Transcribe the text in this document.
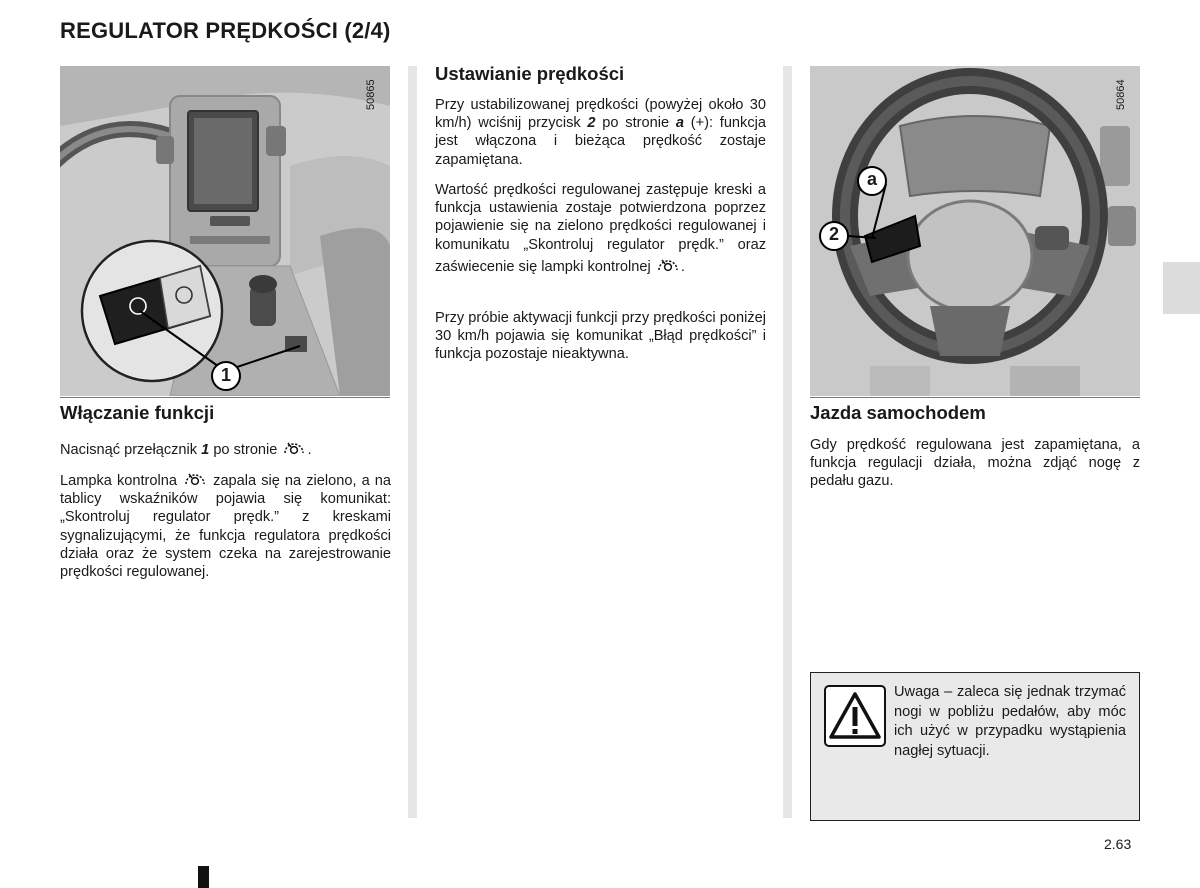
REGULATOR PRĘDKOŚCI (2/4)
1
50865
a
2
50864
Włączanie funkcji

Nacisnąć przełącznik 1 po stronie .

Lampka kontrolna zapala się na zielono, a na tablicy wskaźników pojawia się komunikat: „Skontroluj regulator prędk.” z kreskami sygnalizującymi, że funkcja regulatora prędkości działa oraz że system czeka na zarejestrowanie prędkości regulowanej.

Ustawianie prędkości

Przy ustabilizowanej prędkości (powyżej około 30 km/h) wciśnij przycisk 2 po stronie a (+): funkcja jest włączona i bieżąca prędkość zostaje zapamiętana.

Wartość prędkości regulowanej zastępuje kreski a funkcja ustawienia zostaje potwierdzona poprzez pojawienie się na zielono prędkości regulowanej i komunikatu „Skontroluj regulator prędk.” oraz zaświecenie się lampki kontrolnej .

Przy próbie aktywacji funkcji przy prędkości poniżej 30 km/h pojawia się komunikat „Błąd prędkości” i funkcja pozostaje nieaktywna.

Jazda samochodem

Gdy prędkość regulowana jest zapamiętana, a funkcja regulacji działa, można zdjąć nogę z pedału gazu.

Uwaga – zaleca się jednak trzymać nogi w pobliżu pedałów, aby móc ich użyć w przypadku wystąpienia nagłej sytuacji.
2.63
